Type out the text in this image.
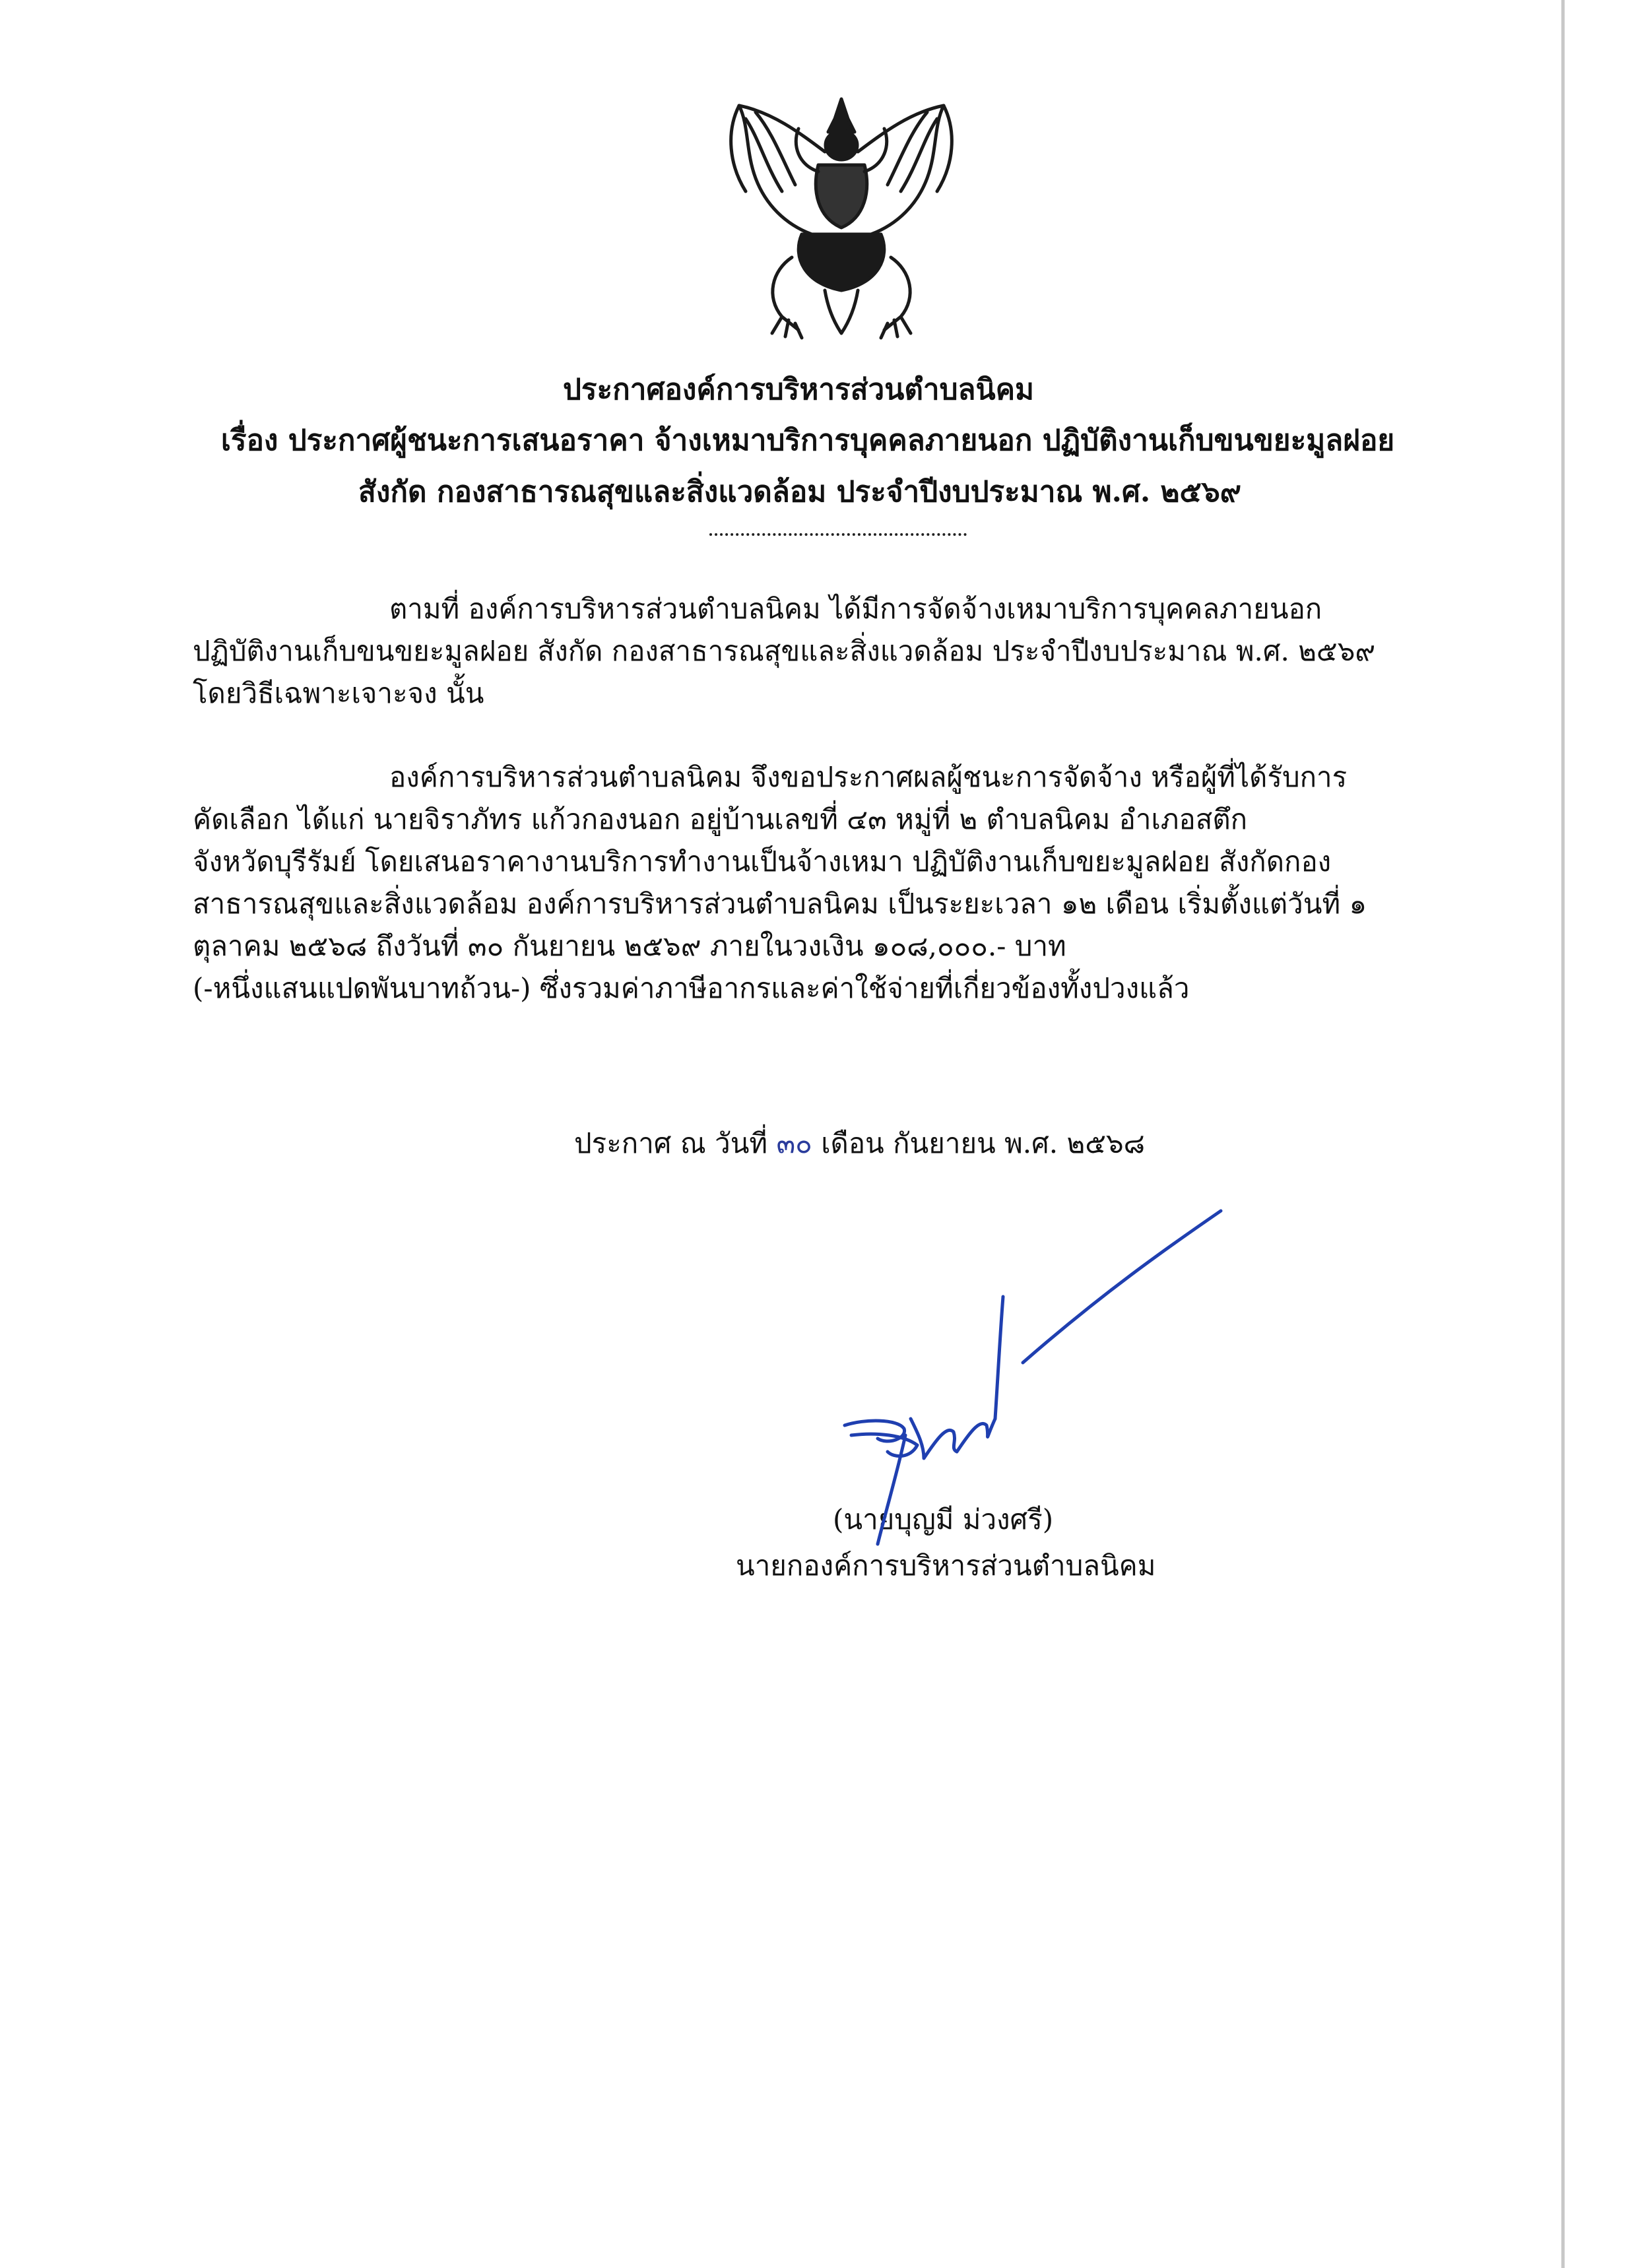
ประกาศองค์การบริหารส่วนตำบลนิคม
เรื่อง ประกาศผู้ชนะการเสนอราคา จ้างเหมาบริการบุคคลภายนอก ปฏิบัติงานเก็บขนขยะมูลฝอย
สังกัด กองสาธารณสุขและสิ่งแวดล้อม ประจำปีงบประมาณ พ.ศ. ๒๕๖๙
ตามที่ องค์การบริหารส่วนตำบลนิคม ได้มีการจัดจ้างเหมาบริการบุคคลภายนอก
ปฏิบัติงานเก็บขนขยะมูลฝอย สังกัด กองสาธารณสุขและสิ่งแวดล้อม ประจำปีงบประมาณ พ.ศ. ๒๕๖๙
โดยวิธีเฉพาะเจาะจง นั้น
องค์การบริหารส่วนตำบลนิคม จึงขอประกาศผลผู้ชนะการจัดจ้าง หรือผู้ที่ได้รับการ
คัดเลือก ได้แก่ นายจิราภัทร แก้วกองนอก อยู่บ้านเลขที่ ๔๓ หมู่ที่ ๒ ตำบลนิคม อำเภอสตึก
จังหวัดบุรีรัมย์ โดยเสนอราคางานบริการทำงานเป็นจ้างเหมา ปฏิบัติงานเก็บขยะมูลฝอย สังกัดกอง
สาธารณสุขและสิ่งแวดล้อม องค์การบริหารส่วนตำบลนิคม เป็นระยะเวลา ๑๒ เดือน เริ่มตั้งแต่วันที่ ๑
ตุลาคม ๒๕๖๘ ถึงวันที่ ๓๐ กันยายน ๒๕๖๙ ภายในวงเงิน ๑๐๘,๐๐๐.- บาท
(-หนึ่งแสนแปดพันบาทถ้วน-) ซึ่งรวมค่าภาษีอากรและค่าใช้จ่ายที่เกี่ยวข้องทั้งปวงแล้ว
ประกาศ ณ วันที่ ๓๐ เดือน กันยายน พ.ศ. ๒๕๖๘
(นายบุญมี ม่วงศรี)
นายกองค์การบริหารส่วนตำบลนิคม
